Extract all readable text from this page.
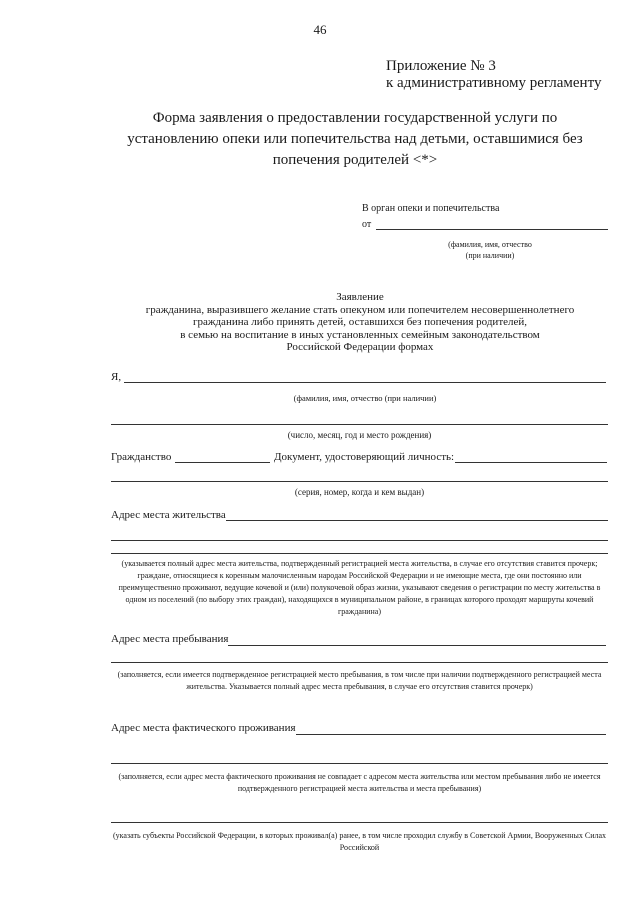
46
Приложение № 3
к административному регламенту
Форма заявления о предоставлении государственной услуги по установлению опеки или попечительства над детьми, оставшимися без попечения родителей <*>
В орган опеки и попечительства
от
(фамилия, имя, отчество
(при наличии)
Заявление
гражданина, выразившего желание стать опекуном или попечителем несовершеннолетнего
гражданина либо принять детей, оставшихся без попечения родителей,
в семью на воспитание в иных установленных семейным законодательством
Российской Федерации формах
Я,
(фамилия, имя, отчество (при наличии)
(число, месяц, год и место рождения)
Гражданство	Документ, удостоверяющий личность:
(серия, номер, когда и кем выдан)
Адрес места жительства
(указывается полный адрес места жительства, подтвержденный регистрацией места жительства, в случае его отсутствия ставится прочерк; граждане, относящиеся к коренным малочисленным народам Российской Федерации и не имеющие места, где они постоянно или преимущественно проживают, ведущие кочевой и (или) полукочевой образ жизни, указывают сведения о регистрации по месту жительства в одном из поселений (по выбору этих граждан), находящихся в муниципальном районе, в границах которого проходят маршруты кочевий гражданина)
Адрес места пребывания
(заполняется, если имеется подтвержденное регистрацией место пребывания, в том числе при наличии подтвержденного регистрацией места жительства. Указывается полный адрес места пребывания, в случае его отсутствия ставится прочерк)
Адрес места фактического проживания
(заполняется, если адрес места фактического проживания не совпадает с адресом места жительства или местом пребывания либо не имеется подтвержденного регистрацией места жительства и места пребывания)
(указать субъекты Российской Федерации, в которых проживал(а) ранее, в том числе проходил службу в Советской Армии, Вооруженных Силах Российской
